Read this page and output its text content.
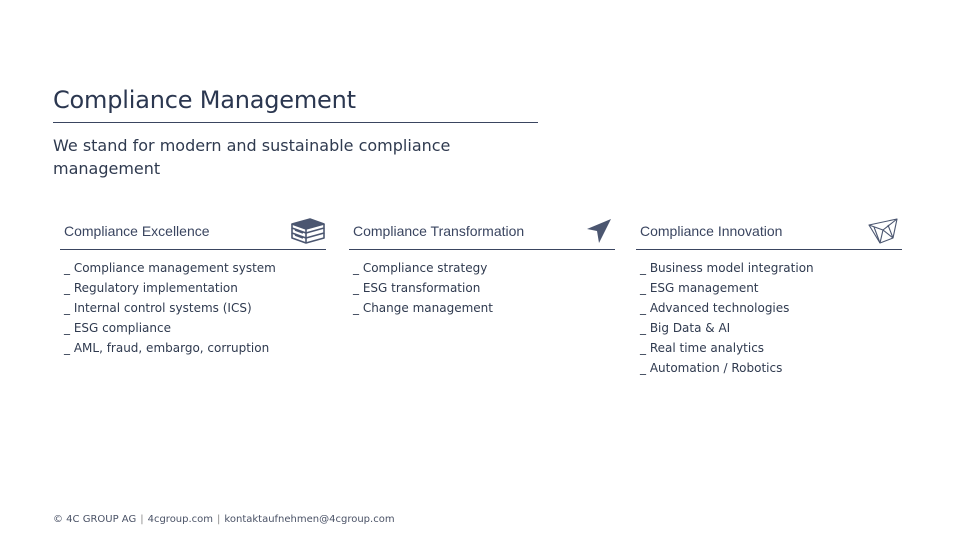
Compliance Management
We stand for modern and sustainable compliance management
Compliance Excellence
_ Compliance management system
_ Regulatory implementation
_ Internal control systems (ICS)
_ ESG compliance
_ AML, fraud, embargo, corruption
Compliance Transformation
_ Compliance strategy
_ ESG transformation
_ Change management
Compliance Innovation
_ Business model integration
_ ESG management
_ Advanced technologies
_ Big Data & AI
_ Real time analytics
_ Automation / Robotics
© 4C GROUP AG | 4cgroup.com | kontaktaufnehmen@4cgroup.com
